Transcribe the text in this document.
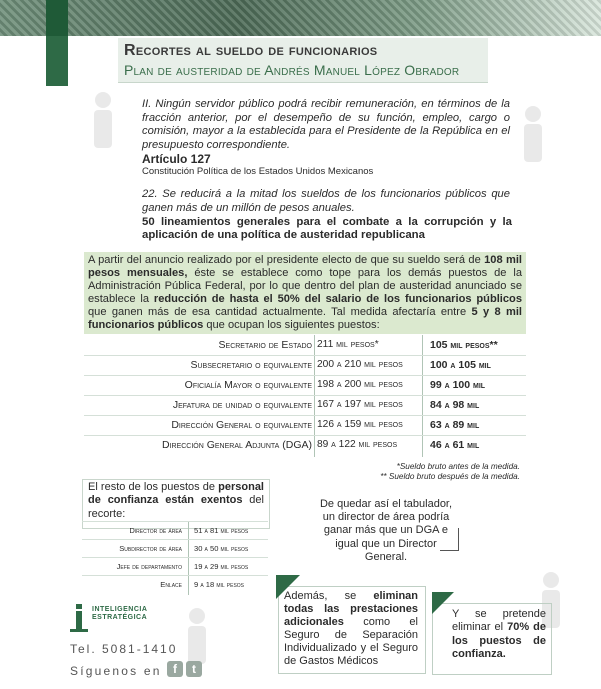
Recortes al sueldo de funcionarios
Plan de austeridad de Andrés Manuel López Obrador
II. Ningún servidor público podrá recibir remuneración, en términos de la fracción anterior, por el desempeño de su función, empleo, cargo o comisión, mayor a la establecida para el Presidente de la República en el presupuesto correspondiente.
Artículo 127
Constitución Política de los Estados Unidos Mexicanos
22. Se reducirá a la mitad los sueldos de los funcionarios públicos que ganen más de un millón de pesos anuales.
50 lineamientos generales para el combate a la corrupción y la aplicación de una política de austeridad republicana
A partir del anuncio realizado por el presidente electo de que su sueldo será de 108 mil pesos mensuales, éste se establece como tope para los demás puestos de la Administración Pública Federal, por lo que dentro del plan de austeridad anunciado se establece la reducción de hasta el 50% del salario de los funcionarios públicos que ganen más de esa cantidad actualmente. Tal medida afectaría entre 5 y 8 mil funcionarios públicos que ocupan los siguientes puestos:
Secretario de Estado 211 mil pesos*	105 mil pesos**
Subsecretario o equivalente 200 a 210 mil pesos	100 a 105 mil
Oficialía Mayor o equivalente 198 a 200 mil pesos	99 a 100 mil
Jefatura de unidad o equivalente 167 a 197 mil pesos	84 a 98 mil
Dirección General o equivalente 126 a 159 mil pesos	63 a 89 mil
Dirección General Adjunta (DGA) 89 a 122 mil pesos	46 a 61 mil
*Sueldo bruto antes de la medida.
** Sueldo bruto después de la medida.
El resto de los puestos de personal de confianza están exentos del recorte:
Director de área 51 a 81 mil pesos
Subdirector de área 30 a 50 mil pesos
Jefe de departamento 19 a 29 mil pesos
Enlace 9 a 18 mil pesos
De quedar así el tabulador, un director de área podría ganar más que un DGA e igual que un Director General.
Además, se eliminan todas las prestaciones adicionales como el Seguro de Separación Individualizado y el Seguro de Gastos Médicos
Y se pretende eliminar el 70% de los puestos de confianza.
INTELIGENCIA
ESTRATÉGICA
Tel. 5081-1410
Síguenos en f	t
